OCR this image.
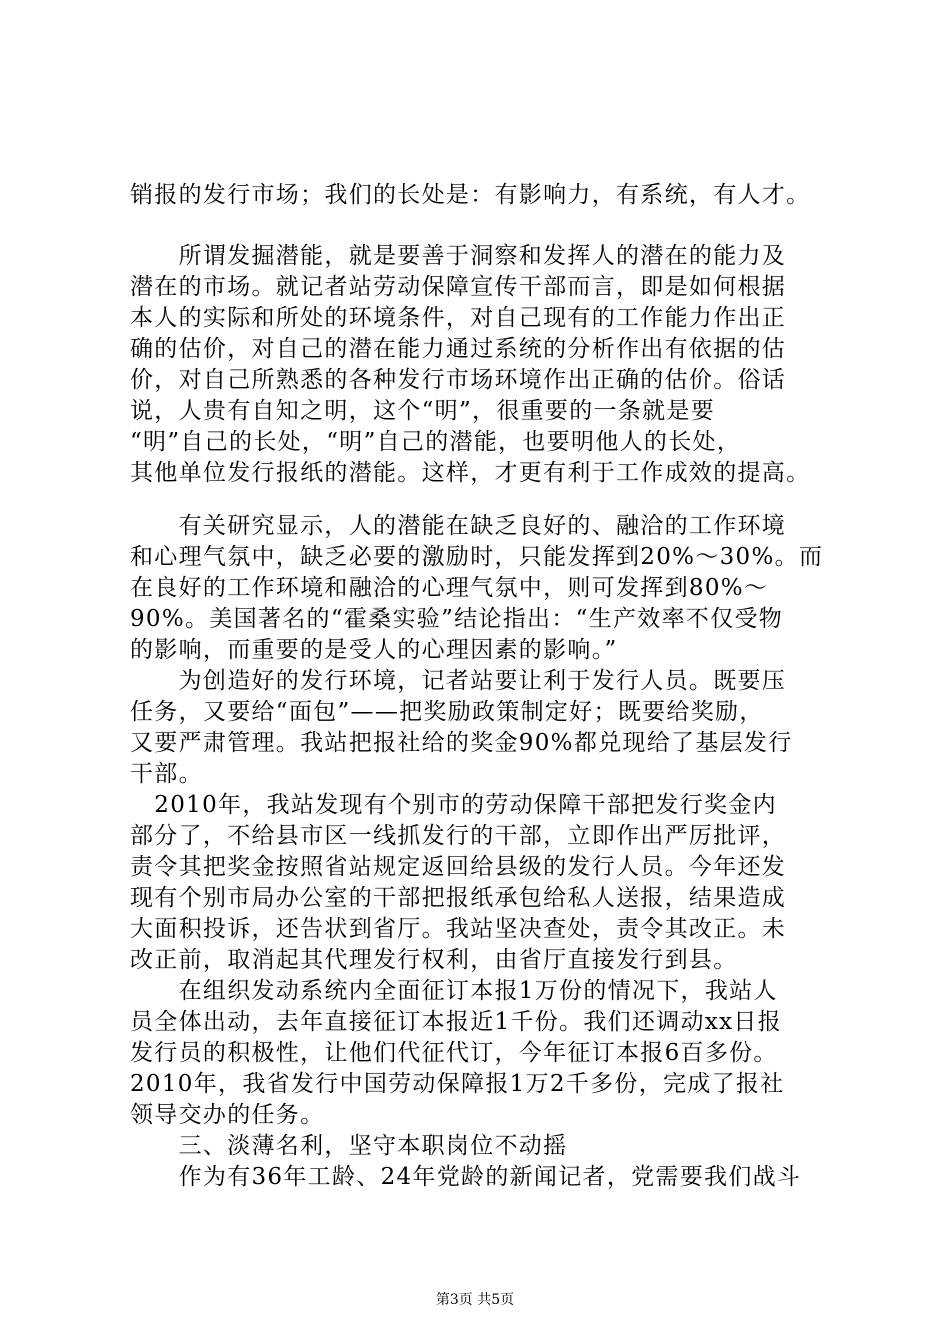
销报的发行市场；我们的长处是：有影响力，有系统，有人才。
　　所谓发掘潜能，就是要善于洞察和发挥人的潜在的能力及
潜在的市场。就记者站劳动保障宣传干部而言，即是如何根据
本人的实际和所处的环境条件，对自己现有的工作能力作出正
确的估价，对自己的潜在能力通过系统的分析作出有依据的估
价，对自己所熟悉的各种发行市场环境作出正确的估价。俗话
说，人贵有自知之明，这个“明”，很重要的一条就是要
“明”自己的长处，“明”自己的潜能，也要明他人的长处，
其他单位发行报纸的潜能。这样，才更有利于工作成效的提高。
　　有关研究显示，人的潜能在缺乏良好的、融洽的工作环境
和心理气氛中，缺乏必要的激励时，只能发挥到20%～30%。而
在良好的工作环境和融洽的心理气氛中，则可发挥到80%～
90%。美国著名的“霍桑实验”结论指出：“生产效率不仅受物
的影响，而重要的是受人的心理因素的影响。”
　　为创造好的发行环境，记者站要让利于发行人员。既要压
任务，又要给“面包”——把奖励政策制定好；既要给奖励，
又要严肃管理。我站把报社给的奖金90%都兑现给了基层发行
干部。
　2010年，我站发现有个别市的劳动保障干部把发行奖金内
部分了，不给县市区一线抓发行的干部，立即作出严厉批评，
责令其把奖金按照省站规定返回给县级的发行人员。今年还发
现有个别市局办公室的干部把报纸承包给私人送报，结果造成
大面积投诉，还告状到省厅。我站坚决查处，责令其改正。未
改正前，取消起其代理发行权利，由省厅直接发行到县。
　　在组织发动系统内全面征订本报1万份的情况下，我站人
员全体出动，去年直接征订本报近1千份。我们还调动xx日报
发行员的积极性，让他们代征代订，今年征订本报6百多份。
2010年，我省发行中国劳动保障报1万2千多份，完成了报社
领导交办的任务。
　　三、淡薄名利，坚守本职岗位不动摇
　　作为有36年工龄、24年党龄的新闻记者，党需要我们战斗
第3页 共5页
